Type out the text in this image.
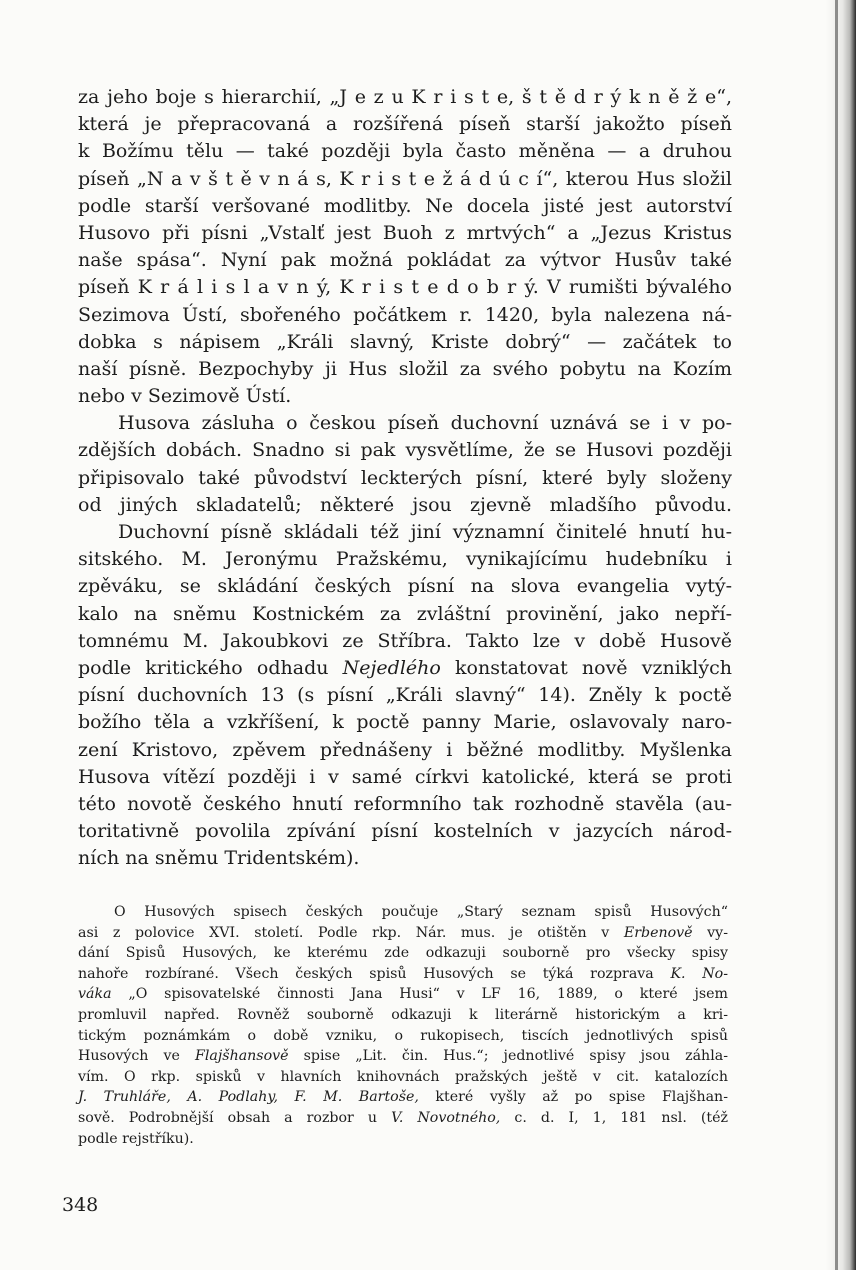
za jeho boje s hierarchií, „J e z u K r i s t e, š t ě d r ý k n ě ž e“,
která je přepracovaná a rozšířená píseň starší jakožto píseň
k Božímu tělu — také později byla často měněna — a druhou
píseň „N a v š t ě v n á s, K r i s t e ž á d ú c í“, kterou Hus složil
podle starší veršované modlitby. Ne docela jisté jest autorství
Husovo při písni „Vstalť jest Buoh z mrtvých“ a „Jezus Kristus
naše spása“. Nyní pak možná pokládat za výtvor Husův také
píseň K r á l i s l a v n ý, K r i s t e d o b r ý. V rumišti bývalého
Sezimova Ústí, sbořeného počátkem r. 1420, byla nalezena ná-
dobka s nápisem „Králi slavný, Kriste dobrý“ — začátek to
naší písně. Bezpochyby ji Hus složil za svého pobytu na Kozím
nebo v Sezimově Ústí.
Husova zásluha o českou píseň duchovní uznává se i v po-
zdějších dobách. Snadno si pak vysvětlíme, že se Husovi později
připisovalo také původství leckterých písní, které byly složeny
od jiných skladatelů; některé jsou zjevně mladšího původu.
Duchovní písně skládali též jiní významní činitelé hnutí hu-
sitského. M. Jeronýmu Pražskému, vynikajícímu hudebníku i
zpěváku, se skládání českých písní na slova evangelia vytý-
kalo na sněmu Kostnickém za zvláštní provinění, jako nepří-
tomnému M. Jakoubkovi ze Stříbra. Takto lze v době Husově
podle kritického odhadu Nejedlého konstatovat nově vzniklých
písní duchovních 13 (s písní „Králi slavný“ 14). Zněly k poctě
božího těla a vzkříšení, k poctě panny Marie, oslavovaly naro-
zení Kristovo, zpěvem přednášeny i běžné modlitby. Myšlenka
Husova vítězí později i v samé církvi katolické, která se proti
této novotě českého hnutí reformního tak rozhodně stavěla (au-
toritativně povolila zpívání písní kostelních v jazycích národ-
ních na sněmu Tridentském).
O Husových spisech českých poučuje „Starý seznam spisů Husových“
asi z polovice XVI. století. Podle rkp. Nár. mus. je otištěn v Erbenově vy-
dání Spisů Husových, ke kterému zde odkazuji souborně pro všecky spisy
nahoře rozbírané. Všech českých spisů Husových se týká rozprava K. No-
váka „O spisovatelské činnosti Jana Husi“ v LF 16, 1889, o které jsem
promluvil napřed. Rovněž souborně odkazuji k literárně historickým a kri-
tickým poznámkám o době vzniku, o rukopisech, tiscích jednotlivých spisů
Husových ve Flajšhansově spise „Lit. čin. Hus.“; jednotlivé spisy jsou záhla-
vím. O rkp. spisků v hlavních knihovnách pražských ještě v cit. katalozích
J. Truhláře, A. Podlahy, F. M. Bartoše, které vyšly až po spise Flajšhan-
sově. Podrobnější obsah a rozbor u V. Novotného, c. d. I, 1, 181 nsl. (též
podle rejstříku).
348
